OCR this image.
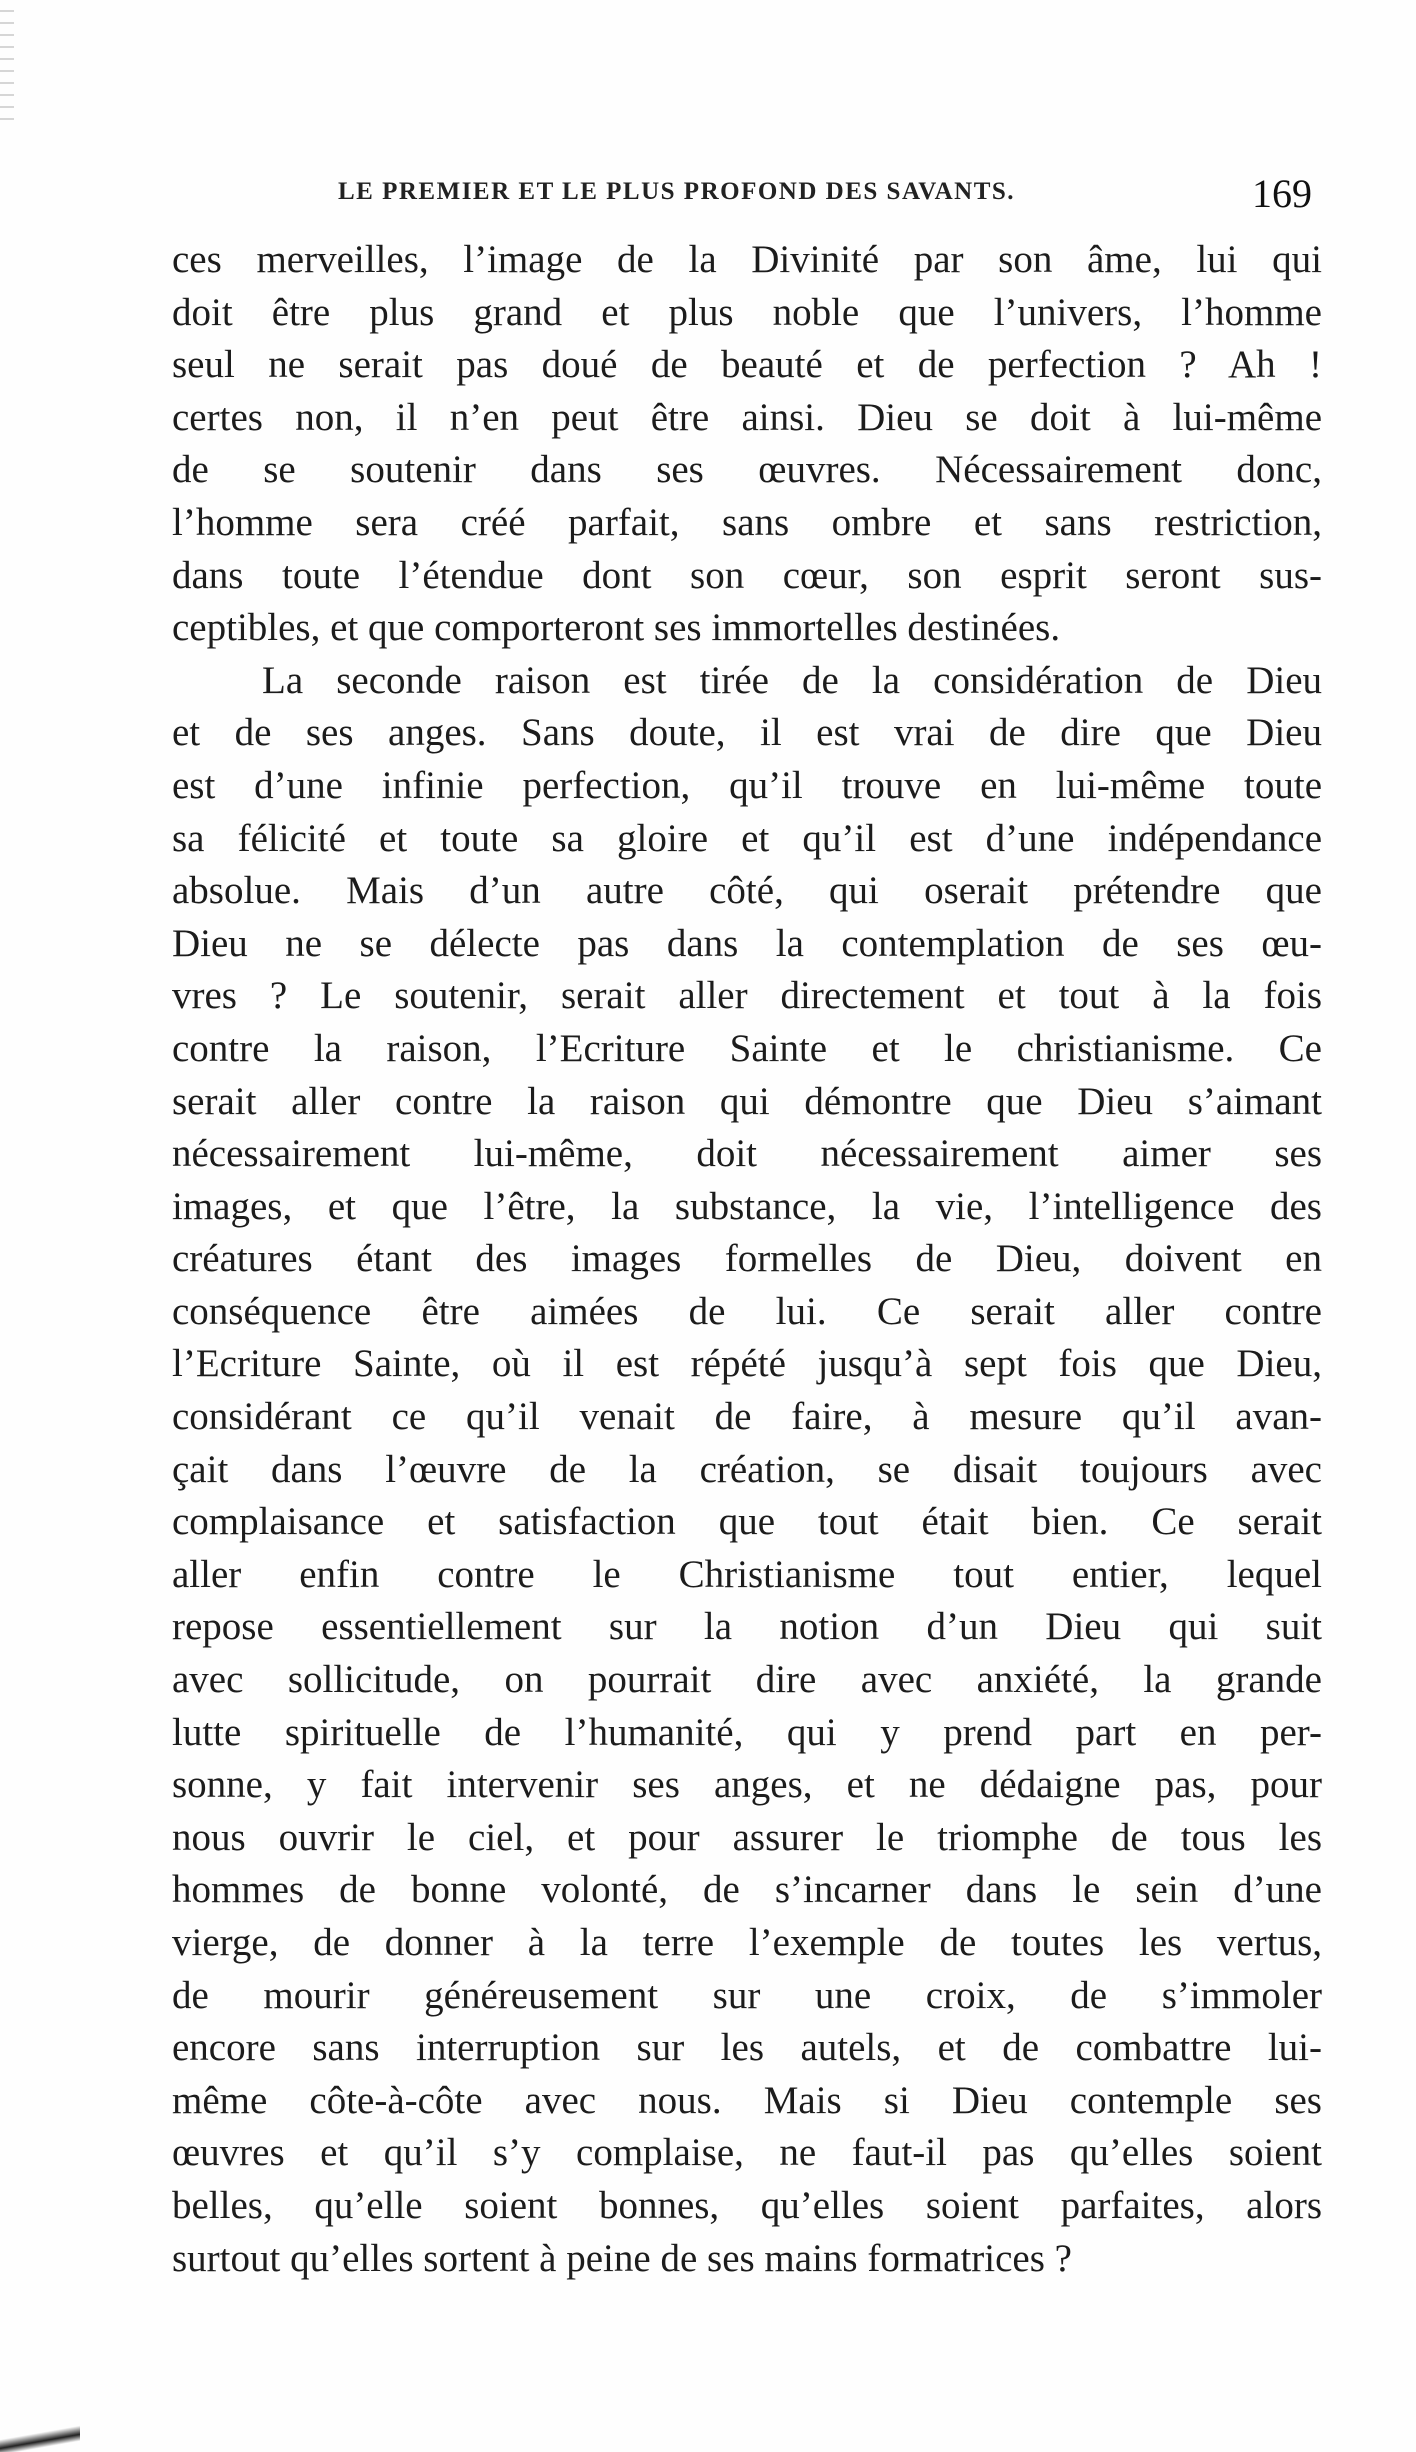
LE PREMIER ET LE PLUS PROFOND DES SAVANTS.	169
ces merveilles, l’image de la Divinité par son âme, lui qui
doit être plus grand et plus noble que l’univers, l’homme
seul ne serait pas doué de beauté et de perfection ? Ah !
certes non, il n’en peut être ainsi. Dieu se doit à lui-même
de se soutenir dans ses œuvres. Nécessairement donc,
l’homme sera créé parfait, sans ombre et sans restriction,
dans toute l’étendue dont son cœur, son esprit seront sus-
ceptibles, et que comporteront ses immortelles destinées.
La seconde raison est tirée de la considération de Dieu
et de ses anges. Sans doute, il est vrai de dire que Dieu
est d’une infinie perfection, qu’il trouve en lui-même toute
sa félicité et toute sa gloire et qu’il est d’une indépendance
absolue. Mais d’un autre côté, qui oserait prétendre que
Dieu ne se délecte pas dans la contemplation de ses œu-
vres ? Le soutenir, serait aller directement et tout à la fois
contre la raison, l’Ecriture Sainte et le christianisme. Ce
serait aller contre la raison qui démontre que Dieu s’aimant
nécessairement lui-même, doit nécessairement aimer ses
images, et que l’être, la substance, la vie, l’intelligence des
créatures étant des images formelles de Dieu, doivent en
conséquence être aimées de lui. Ce serait aller contre
l’Ecriture Sainte, où il est répété jusqu’à sept fois que Dieu,
considérant ce qu’il venait de faire, à mesure qu’il avan-
çait dans l’œuvre de la création, se disait toujours avec
complaisance et satisfaction que tout était bien. Ce serait
aller enfin contre le Christianisme tout entier, lequel
repose essentiellement sur la notion d’un Dieu qui suit
avec sollicitude, on pourrait dire avec anxiété, la grande
lutte spirituelle de l’humanité, qui y prend part en per-
sonne, y fait intervenir ses anges, et ne dédaigne pas, pour
nous ouvrir le ciel, et pour assurer le triomphe de tous les
hommes de bonne volonté, de s’incarner dans le sein d’une
vierge, de donner à la terre l’exemple de toutes les vertus,
de mourir généreusement sur une croix, de s’immoler
encore sans interruption sur les autels, et de combattre lui-
même côte-à-côte avec nous. Mais si Dieu contemple ses
œuvres et qu’il s’y complaise, ne faut-il pas qu’elles soient
belles, qu’elle soient bonnes, qu’elles soient parfaites, alors
surtout qu’elles sortent à peine de ses mains formatrices ?
